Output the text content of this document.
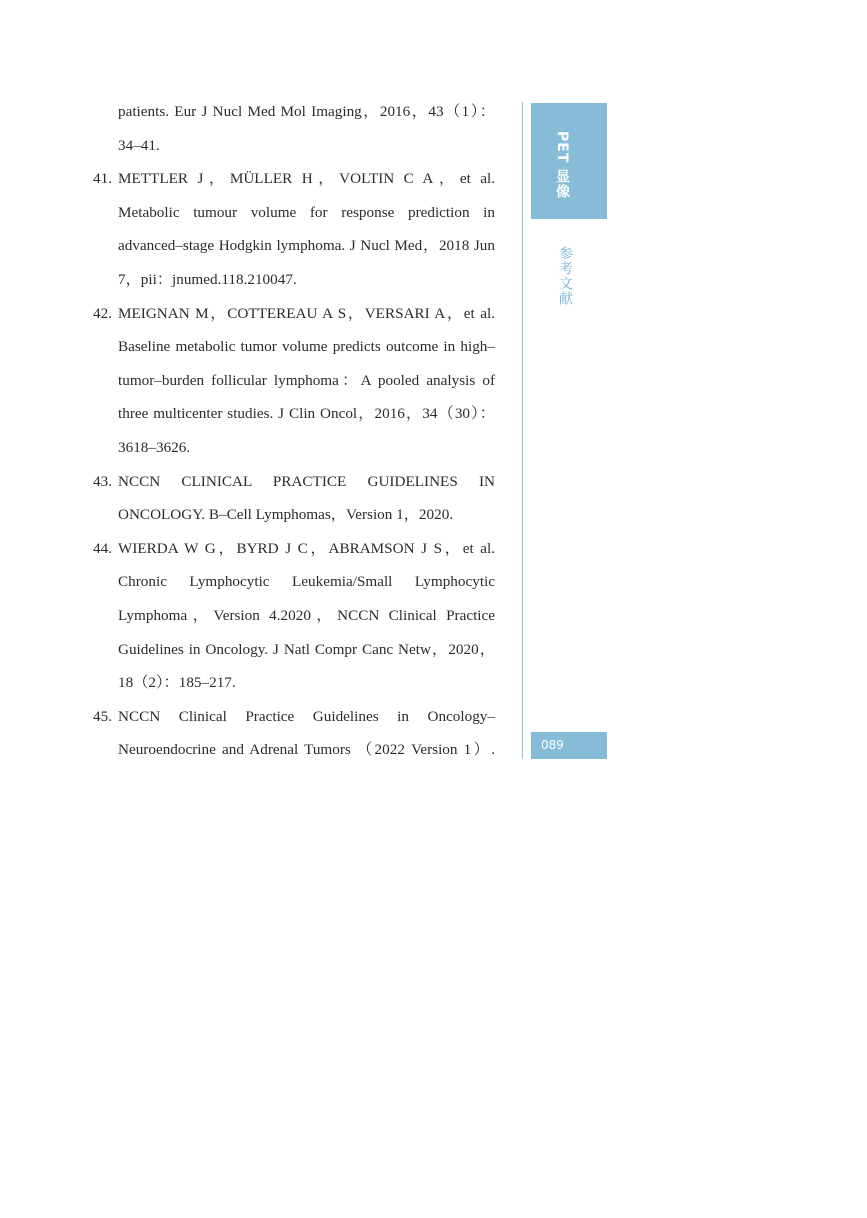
patients. Eur J Nucl Med Mol Imaging，2016，43（1）：34–41.
41. METTLER J，MÜLLER H，VOLTIN C A，et al. Metabolic tumour volume for response prediction in advanced–stage Hodgkin lymphoma. J Nucl Med，2018 Jun 7，pii：jnumed.118.210047.
42. MEIGNAN M，COTTEREAU A S，VERSARI A，et al. Baseline metabolic tumor volume predicts outcome in high–tumor–burden follicular lymphoma：A pooled analysis of three multicenter studies. J Clin Oncol，2016，34（30）：3618–3626.
43. NCCN CLINICAL PRACTICE GUIDELINES IN ONCOLOGY. B–Cell Lymphomas，Version 1，2020.
44. WIERDA W G，BYRD J C，ABRAMSON J S，et al. Chronic Lymphocytic Leukemia/Small Lymphocytic Lymphoma，Version 4.2020，NCCN Clinical Practice Guidelines in Oncology. J Natl Compr Canc Netw，2020，18（2）：185–217.
45. NCCN Clinical Practice Guidelines in Oncology–Neuroendocrine and Adrenal Tumors （2022 Version 1）.
PET 显像
参考文献
089
